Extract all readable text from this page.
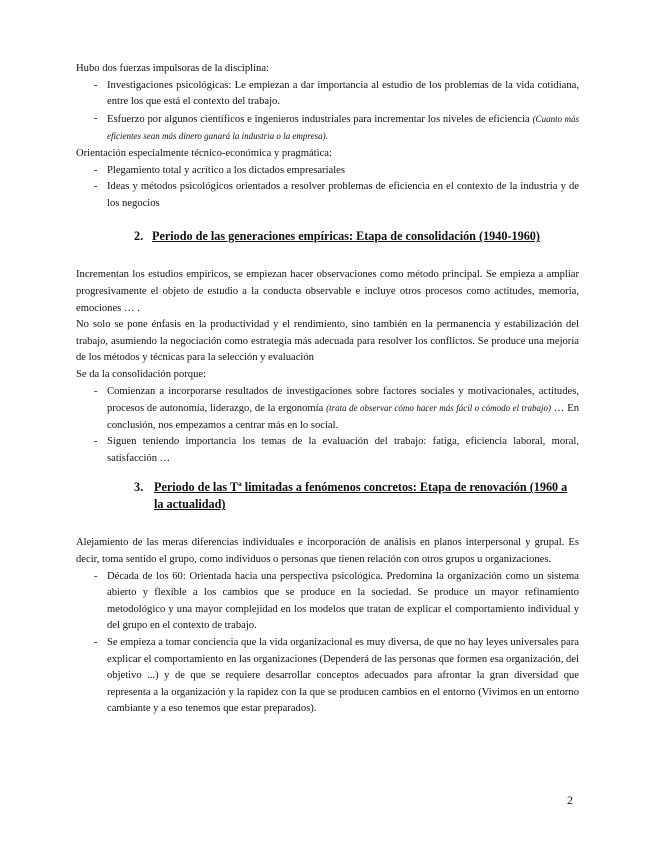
Hubo dos fuerzas impulsoras de la disciplina:

- Investigaciones psicológicas: Le empiezan a dar importancia al estudio de los problemas de la vida cotidiana, entre los que está el contexto del trabajo.
- Esfuerzo por algunos científicos e ingenieros industriales para incrementar los niveles de eficiencia (Cuanto más eficientes sean más dinero ganará la industria o la empresa).

Orientación especialmente técnico-económica y pragmática:

- Plegamiento total y acrítico a los dictados empresariales
- Ideas y métodos psicológicos orientados a resolver problemas de eficiencia en el contexto de la industria y de los negocios
2. Periodo de las generaciones empíricas: Etapa de consolidación (1940-1960)

Incrementan los estudios empíricos, se empiezan hacer observaciones como método principal. Se empieza a ampliar progresivamente el objeto de estudio a la conducta observable e incluye otros procesos como actitudes, memoria, emociones … .

No solo se pone énfasis en la productividad y el rendimiento, sino también en la permanencia y estabilización del trabajo, asumiendo la negociación como estrategia más adecuada para resolver los conflictos. Se produce una mejoría de los métodos y técnicas para la selección y evaluación

Se da la consolidación porque:

- Comienzan a incorporarse resultados de investigaciones sobre factores sociales y motivacionales, actitudes, procesos de autonomía, liderazgo, de la ergonomía (trata de observar cómo hacer más fácil o cómodo el trabajo) … En conclusión, nos empezamos a centrar más en lo social.
- Siguen teniendo importancia los temas de la evaluación del trabajo: fatiga, eficiencia laboral, moral, satisfacción …
3. Periodo de las Tª limitadas a fenómenos concretos: Etapa de renovación (1960 a la actualidad)

Alejamiento de las meras diferencias individuales e incorporación de análisis en planos interpersonal y grupal. Es decir, toma sentido el grupo, como individuos o personas que tienen relación con otros grupos u organizaciones.

- Década de los 60: Orientada hacia una perspectiva psicológica. Predomina la organización como un sistema abierto y flexible a los cambios que se produce en la sociedad. Se produce un mayor refinamiento metodológico y una mayor complejidad en los modelos que tratan de explicar el comportamiento individual y del grupo en el contexto de trabajo.
- Se empieza a tomar conciencia que la vida organizacional es muy diversa, de que no hay leyes universales para explicar el comportamiento en las organizaciones (Dependerá de las personas que formen esa organización, del objetivo ...) y de que se requiere desarrollar conceptos adecuados para afrontar la gran diversidad que representa a la organización y la rapidez con la que se producen cambios en el entorno (Vivimos en un entorno cambiante y a eso tenemos que estar preparados).
2
